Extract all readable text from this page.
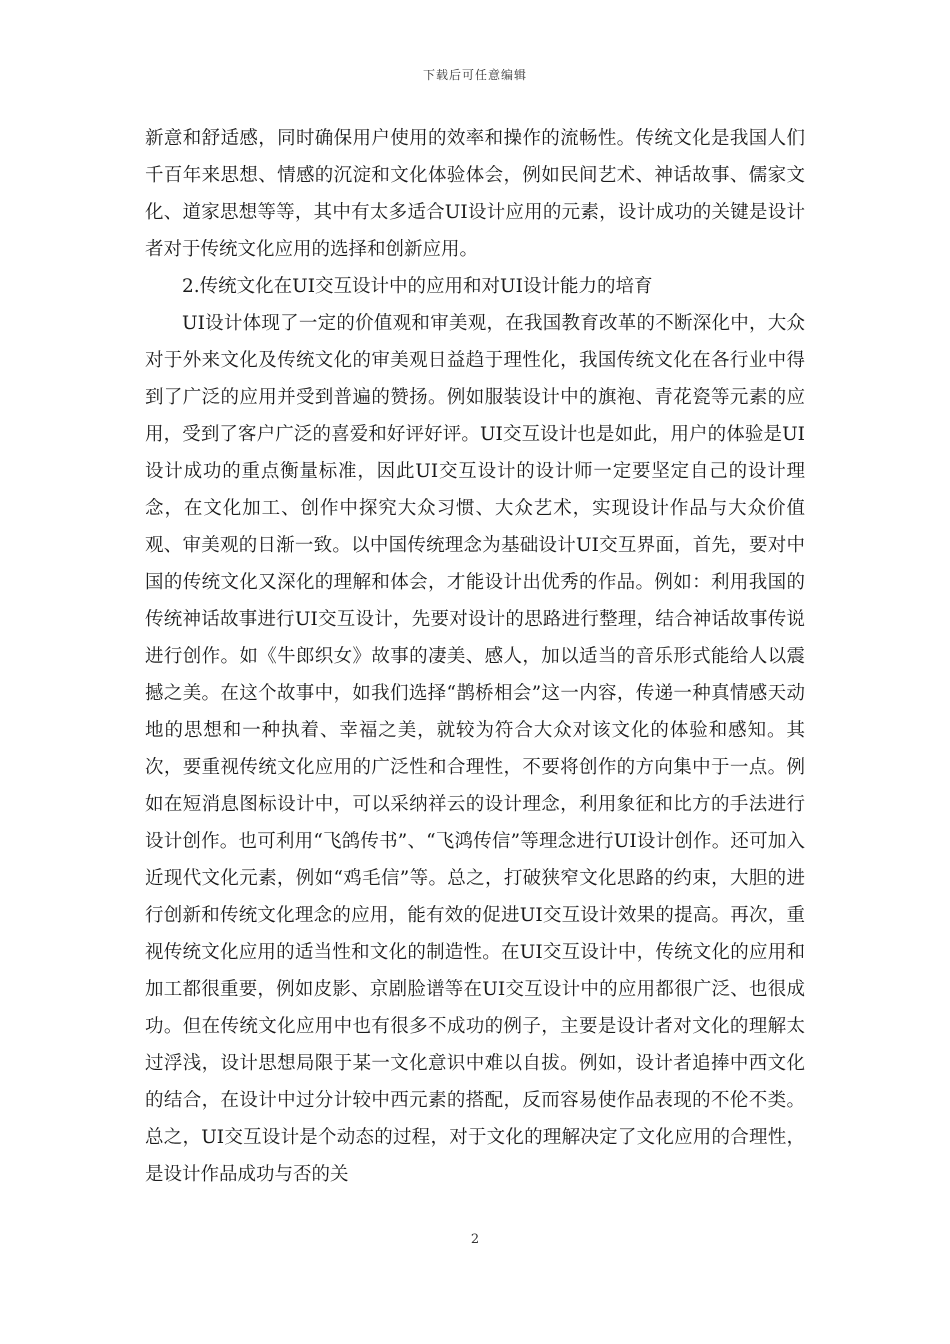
下载后可任意编辑

新意和舒适感，同时确保用户使用的效率和操作的流畅性。传统文化是我国人们千百年来思想、情感的沉淀和文化体验体会，例如民间艺术、神话故事、儒家文化、道家思想等等，其中有太多适合UI设计应用的元素，设计成功的关键是设计者对于传统文化应用的选择和创新应用。

2.传统文化在UI交互设计中的应用和对UI设计能力的培育

UI设计体现了一定的价值观和审美观，在我国教育改革的不断深化中，大众对于外来文化及传统文化的审美观日益趋于理性化，我国传统文化在各行业中得到了广泛的应用并受到普遍的赞扬。例如服装设计中的旗袍、青花瓷等元素的应用，受到了客户广泛的喜爱和好评好评。UI交互设计也是如此，用户的体验是UI设计成功的重点衡量标准，因此UI交互设计的设计师一定要坚定自己的设计理念，在文化加工、创作中探究大众习惯、大众艺术，实现设计作品与大众价值观、审美观的日渐一致。以中国传统理念为基础设计UI交互界面，首先，要对中国的传统文化又深化的理解和体会，才能设计出优秀的作品。例如：利用我国的传统神话故事进行UI交互设计，先要对设计的思路进行整理，结合神话故事传说进行创作。如《牛郎织女》故事的凄美、感人，加以适当的音乐形式能给人以震撼之美。在这个故事中，如我们选择“鹊桥相会”这一内容，传递一种真情感天动地的思想和一种执着、幸福之美，就较为符合大众对该文化的体验和感知。其次，要重视传统文化应用的广泛性和合理性，不要将创作的方向集中于一点。例如在短消息图标设计中，可以采纳祥云的设计理念，利用象征和比方的手法进行设计创作。也可利用“飞鸽传书”、“飞鸿传信”等理念进行UI设计创作。还可加入近现代文化元素，例如“鸡毛信”等。总之，打破狭窄文化思路的约束，大胆的进行创新和传统文化理念的应用，能有效的促进UI交互设计效果的提高。再次，重视传统文化应用的适当性和文化的制造性。在UI交互设计中，传统文化的应用和加工都很重要，例如皮影、京剧脸谱等在UI交互设计中的应用都很广泛、也很成功。但在传统文化应用中也有很多不成功的例子，主要是设计者对文化的理解太过浮浅，设计思想局限于某一文化意识中难以自拔。例如，设计者追捧中西文化的结合，在设计中过分计较中西元素的搭配，反而容易使作品表现的不伦不类。总之，UI交互设计是个动态的过程，对于文化的理解决定了文化应用的合理性，是设计作品成功与否的关

2
